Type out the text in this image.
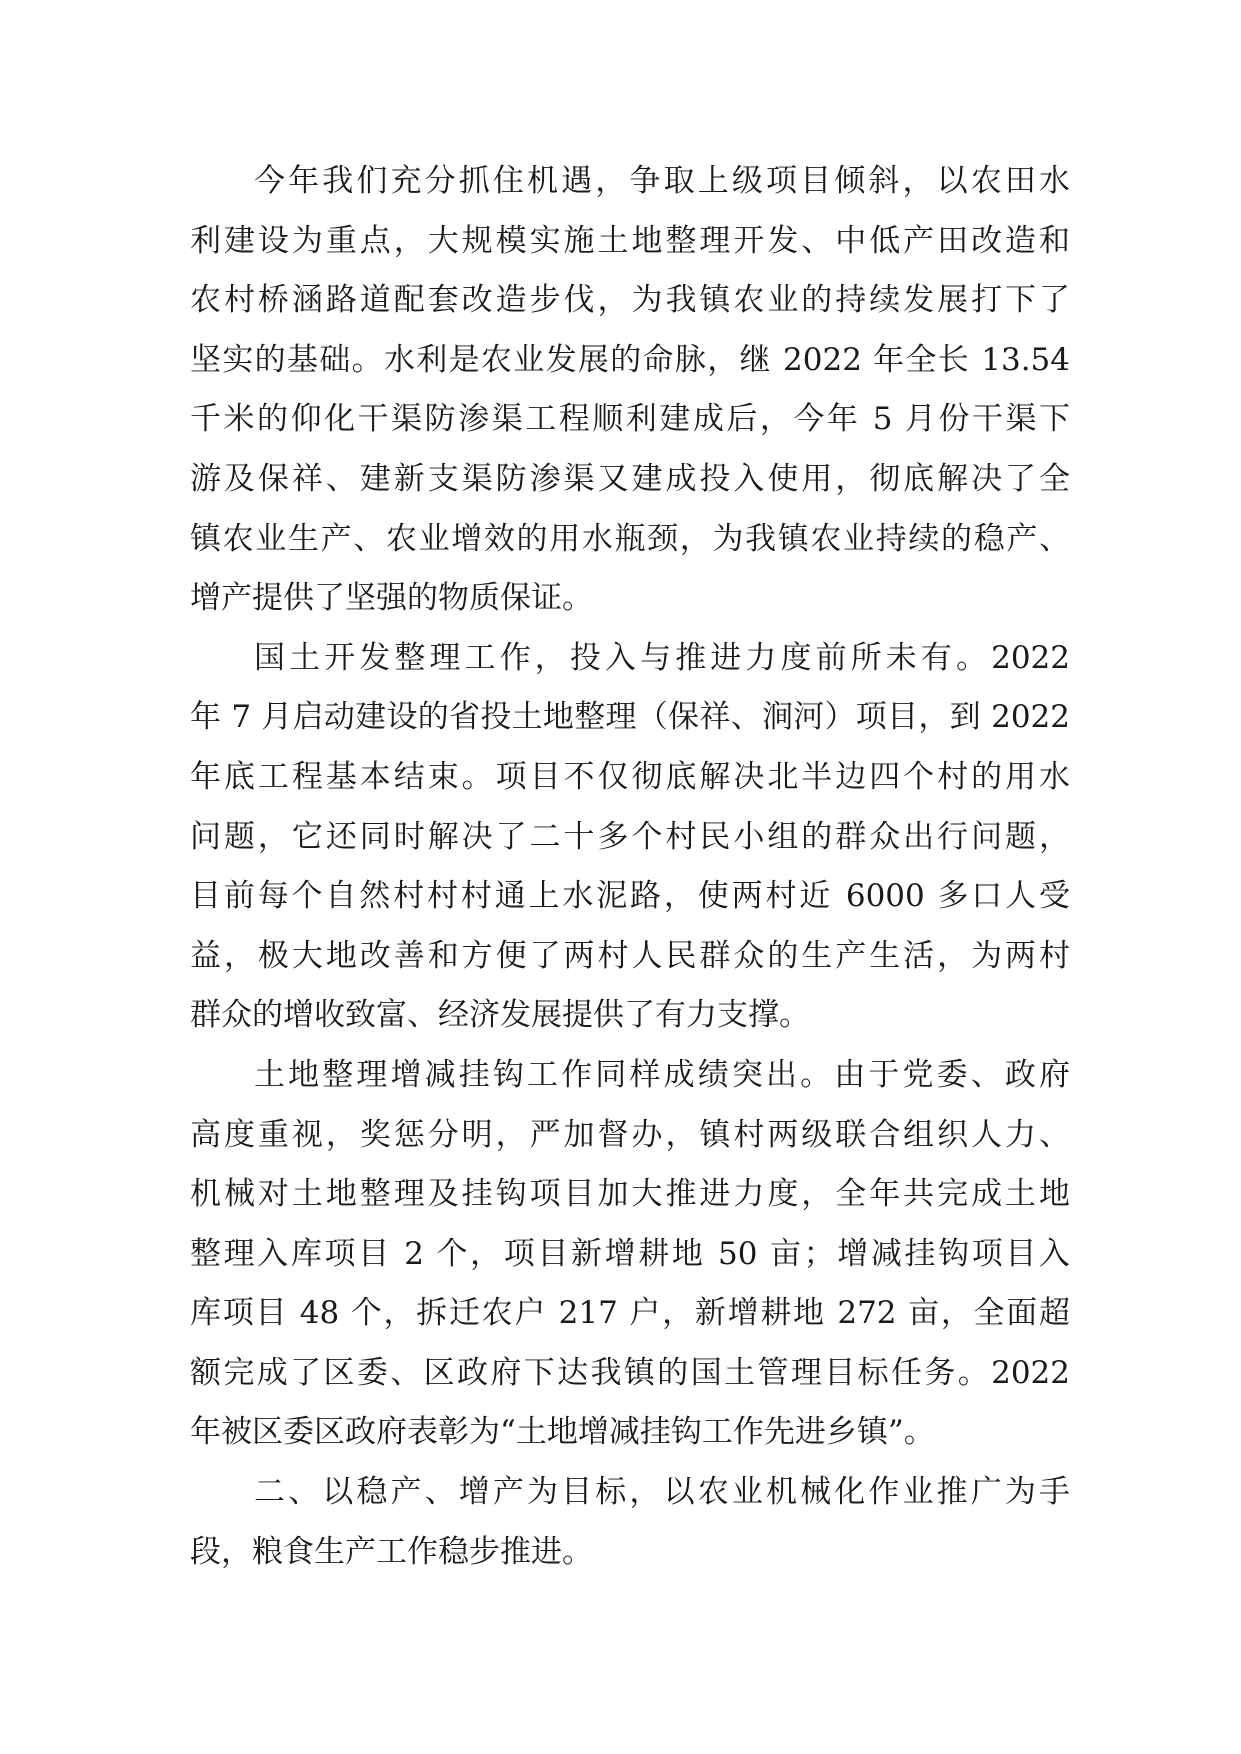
今年我们充分抓住机遇，争取上级项目倾斜，以农田水
利建设为重点，大规模实施土地整理开发、中低产田改造和
农村桥涵路道配套改造步伐，为我镇农业的持续发展打下了
坚实的基础。水利是农业发展的命脉，继 2022 年全长 13.54
千米的仰化干渠防渗渠工程顺利建成后，今年 5 月份干渠下
游及保祥、建新支渠防渗渠又建成投入使用，彻底解决了全
镇农业生产、农业增效的用水瓶颈，为我镇农业持续的稳产、
增产提供了坚强的物质保证。
国土开发整理工作，投入与推进力度前所未有。2022
年 7 月启动建设的省投土地整理（保祥、涧河）项目，到 2022
年底工程基本结束。项目不仅彻底解决北半边四个村的用水
问题，它还同时解决了二十多个村民小组的群众出行问题，
目前每个自然村村村通上水泥路，使两村近 6000 多口人受
益，极大地改善和方便了两村人民群众的生产生活，为两村
群众的增收致富、经济发展提供了有力支撑。
土地整理增减挂钩工作同样成绩突出。由于党委、政府
高度重视，奖惩分明，严加督办，镇村两级联合组织人力、
机械对土地整理及挂钩项目加大推进力度，全年共完成土地
整理入库项目 2 个，项目新增耕地 50 亩；增减挂钩项目入
库项目 48 个，拆迁农户 217 户，新增耕地 272 亩，全面超
额完成了区委、区政府下达我镇的国土管理目标任务。2022
年被区委区政府表彰为“土地增减挂钩工作先进乡镇”。
二、以稳产、增产为目标，以农业机械化作业推广为手
段，粮食生产工作稳步推进。
